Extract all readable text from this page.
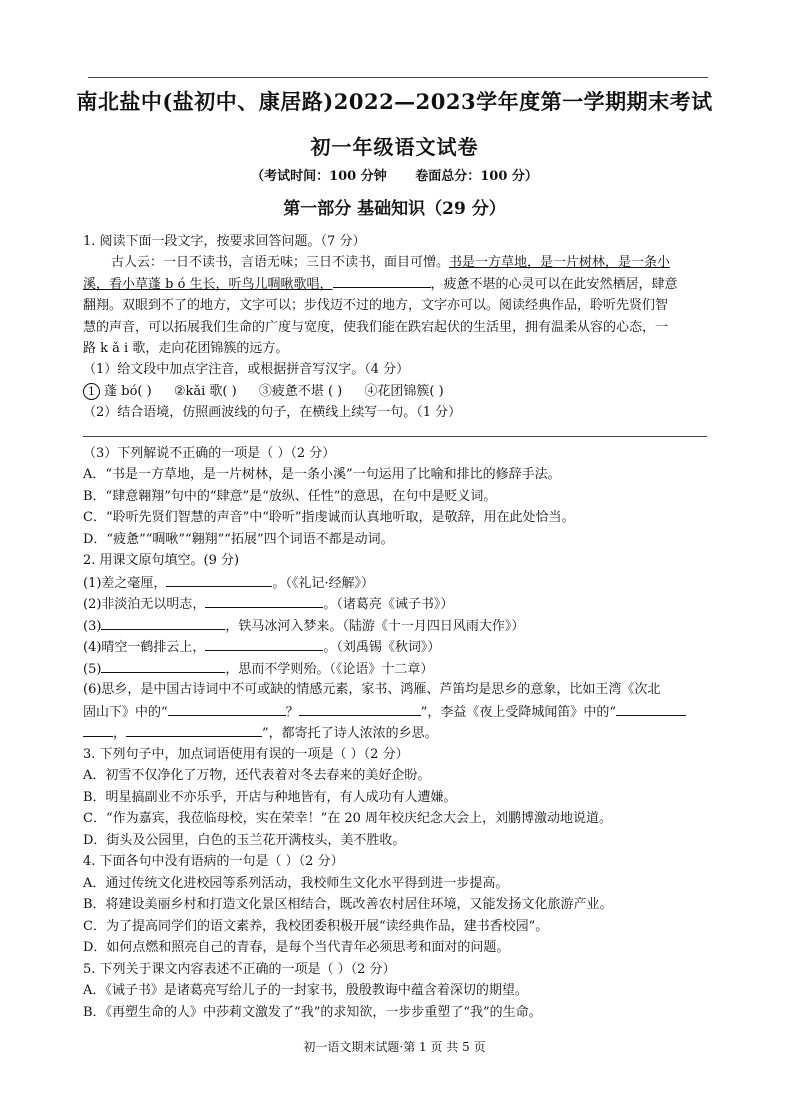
南北盐中(盐初中、康居路)2022—2023学年度第一学期期末考试
初一年级语文试卷
（考试时间：100 分钟 卷面总分：100 分）
第一部分 基础知识（29 分）
1. 阅读下面一段文字，按要求回答问题。（7 分）
古人云：一日不读书，言语无味；三日不读书，面目可憎。书是一方草地，是一片树林，是一条小
溪，看小草蓬 b ó 生长，听鸟儿啁啾歌唱，	，疲惫不堪的心灵可以在此安然栖居，肆意
翻翔。双眼到不了的地方，文字可以；步伐迈不过的地方，文字亦可以。阅读经典作品，聆听先贤们智
慧的声音，可以拓展我们生命的广度与宽度，使我们能在跌宕起伏的生活里，拥有温柔从容的心态，一
路 k ǎ i 歌，走向花团锦簇的远方。
（1）给文段中加点字注音，或根据拼音写汉字。（4 分）
1 蓬 bó( ) ②kǎi 歌( ) ③疲惫不堪 ( ) ④花团锦簇( )
（2）结合语境，仿照画波线的句子，在横线上续写一句。（1 分）
（3）下列解说不正确的一项是（ ）（2 分）
A．“书是一方草地，是一片树林，是一条小溪”一句运用了比喻和排比的修辞手法。
B．“肆意翱翔”句中的“肆意”是“放纵、任性”的意思，在句中是贬义词。
C．“聆听先贤们智慧的声音”中“聆听”指虔诚而认真地听取，是敬辞，用在此处恰当。
D．“疲惫”“啁啾”“翱翔”“拓展”四个词语不都是动词。
2. 用课文原句填空。(9 分)
(1)差之毫厘，	。（《礼记·经解》）
(2)非淡泊无以明志，	。（诸葛亮《诫子书》）
(3)	，铁马冰河入梦来。（陆游《十一月四日风雨大作》）
(4)晴空一鹤排云上，	。（刘禹锡《秋词》）
(5)	，思而不学则殆。（《论语》十二章）
(6)思乡，是中国古诗词中不可或缺的情感元素，家书、鸿雁、芦笛均是思乡的意象，比如王湾《次北
固山下》中的“	？	”，李益《夜上受降城闻笛》中的“
，	”，都寄托了诗人浓浓的乡思。
3. 下列句子中，加点词语使用有误的一项是（ ）（2 分）
A．初雪不仅净化了万物，还代表着对冬去春来的美好企盼。
B．明星搞副业不亦乐乎，开店与种地皆有，有人成功有人遭嫌。
C．“作为嘉宾，我莅临母校，实在荣幸！”在 20 周年校庆纪念大会上，刘鹏博激动地说道。
D．街头及公园里，白色的玉兰花开满枝头，美不胜收。
4. 下面各句中没有语病的一句是（ ）（2 分）
A．通过传统文化进校园等系列活动，我校师生文化水平得到进一步提高。
B．将建设美丽乡村和打造文化景区相结合，既改善农村居住环境，又能发扬文化旅游产业。
C．为了提高同学们的语文素养，我校团委积极开展“读经典作品，建书香校园”。
D．如何点燃和照亮自己的青春，是每个当代青年必须思考和面对的问题。
5. 下列关于课文内容表述不正确的一项是（ ）（2 分）
A．《诫子书》是诸葛亮写给儿子的一封家书，殷殷教诲中蕴含着深切的期望。
B．《再塑生命的人》中莎莉文激发了“我”的求知欲，一步步重塑了“我”的生命。
初一语文期末试题·第 1 页 共 5 页
